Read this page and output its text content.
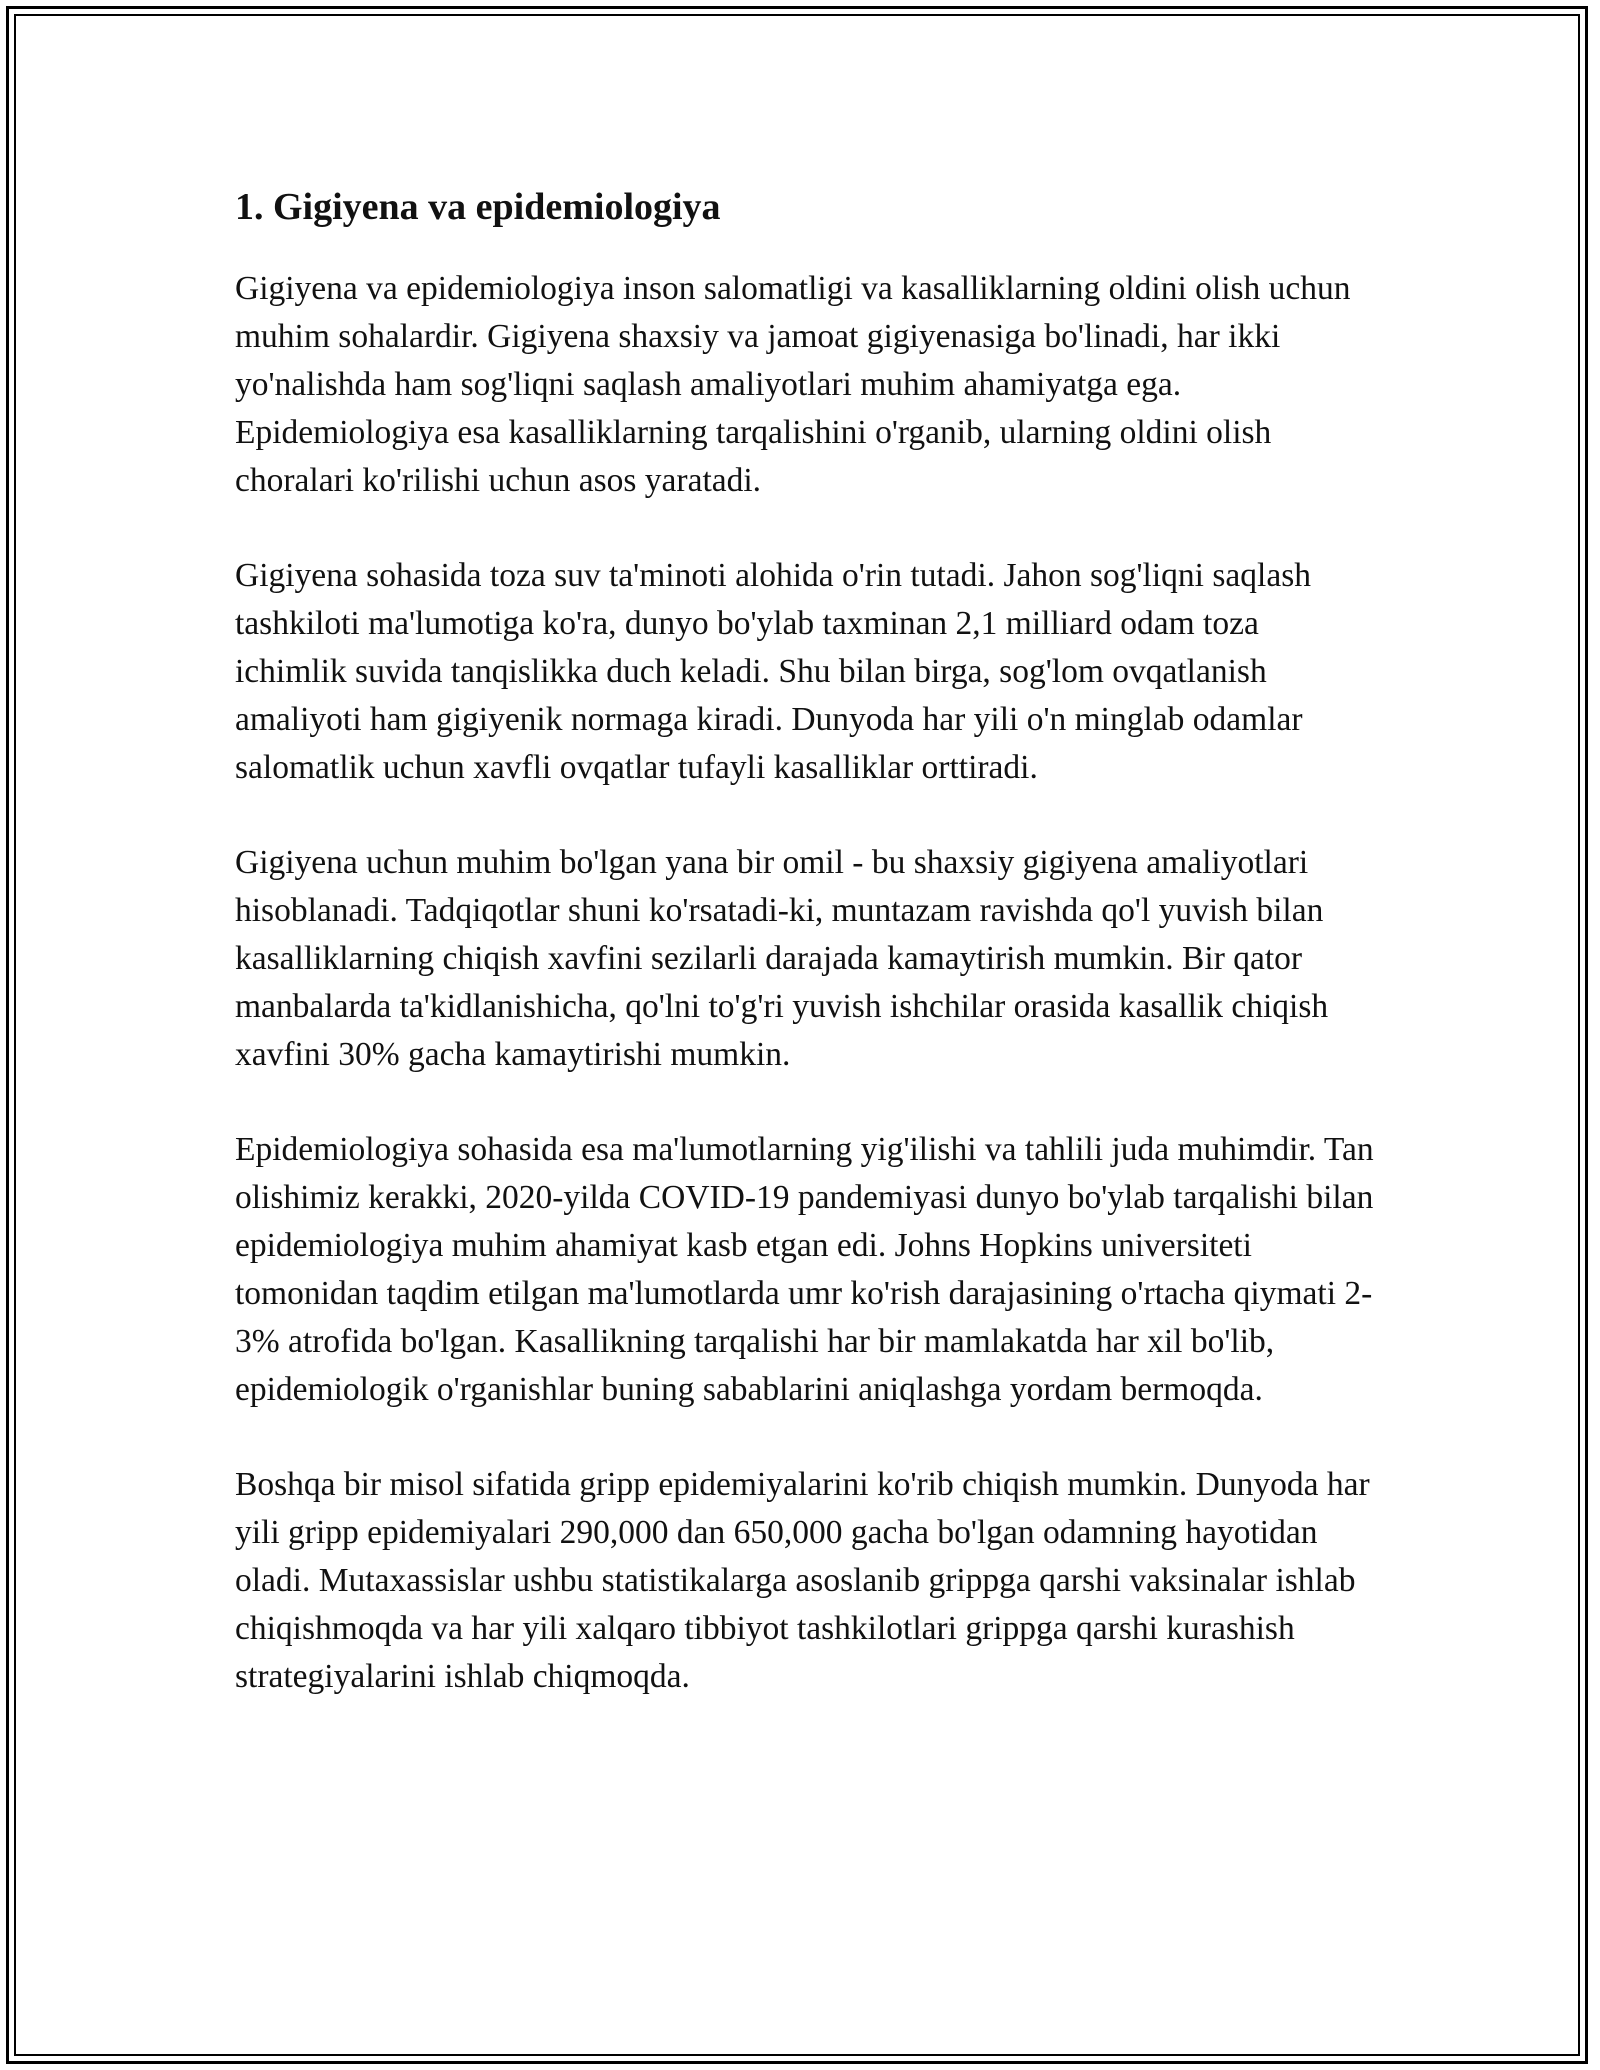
1. Gigiyena va epidemiologiya

Gigiyena va epidemiologiya inson salomatligi va kasalliklarning oldini olish uchun muhim sohalardir. Gigiyena shaxsiy va jamoat gigiyenasiga bo'linadi, har ikki yo'nalishda ham sog'liqni saqlash amaliyotlari muhim ahamiyatga ega. Epidemiologiya esa kasalliklarning tarqalishini o'rganib, ularning oldini olish choralari ko'rilishi uchun asos yaratadi.

Gigiyena sohasida toza suv ta'minoti alohida o'rin tutadi. Jahon sog'liqni saqlash tashkiloti ma'lumotiga ko'ra, dunyo bo'ylab taxminan 2,1 milliard odam toza ichimlik suvida tanqislikka duch keladi. Shu bilan birga, sog'lom ovqatlanish amaliyoti ham gigiyenik normaga kiradi. Dunyoda har yili o'n minglab odamlar salomatlik uchun xavfli ovqatlar tufayli kasalliklar orttiradi.

Gigiyena uchun muhim bo'lgan yana bir omil - bu shaxsiy gigiyena amaliyotlari hisoblanadi. Tadqiqotlar shuni ko'rsatadi-ki, muntazam ravishda qo'l yuvish bilan kasalliklarning chiqish xavfini sezilarli darajada kamaytirish mumkin. Bir qator manbalarda ta'kidlanishicha, qo'lni to'g'ri yuvish ishchilar orasida kasallik chiqish xavfini 30% gacha kamaytirishi mumkin.

Epidemiologiya sohasida esa ma'lumotlarning yig'ilishi va tahlili juda muhimdir. Tan olishimiz kerakki, 2020-yilda COVID-19 pandemiyasi dunyo bo'ylab tarqalishi bilan epidemiologiya muhim ahamiyat kasb etgan edi. Johns Hopkins universiteti tomonidan taqdim etilgan ma'lumotlarda umr ko'rish darajasining o'rtacha qiymati 2-3% atrofida bo'lgan. Kasallikning tarqalishi har bir mamlakatda har xil bo'lib, epidemiologik o'rganishlar buning sabablarini aniqlashga yordam bermoqda.

Boshqa bir misol sifatida gripp epidemiyalarini ko'rib chiqish mumkin. Dunyoda har yili gripp epidemiyalari 290,000 dan 650,000 gacha bo'lgan odamning hayotidan oladi. Mutaxassislar ushbu statistikalarga asoslanib grippga qarshi vaksinalar ishlab chiqishmoqda va har yili xalqaro tibbiyot tashkilotlari grippga qarshi kurashish strategiyalarini ishlab chiqmoqda.
